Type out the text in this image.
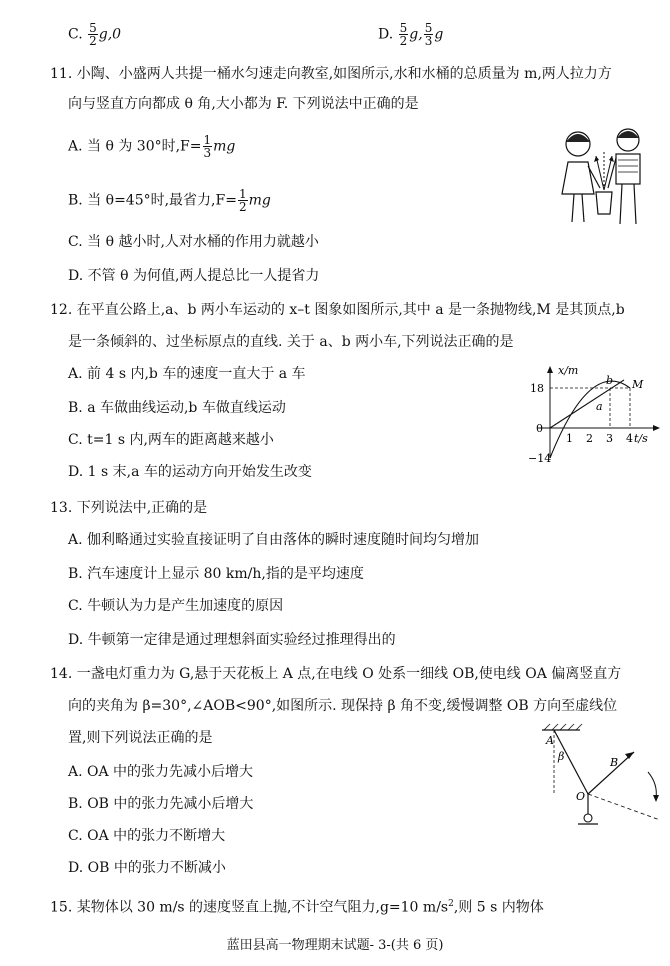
C. $\frac{5}{2} g,0$	D. $\frac{5}{2} g$, $\frac{5}{3}$ g
11. 小陶、小盛两人共提一桶水匀速走向教室,如图所示,水和水桶的总质量为 m,两人拉力方
向与竖直方向都成 θ 角,大小都为 F. 下列说法中正确的是
A. 当 θ 为 30°时$,F= \frac{1}{3}$ mg
B. 当 θ=45°时,最省力$,F= \frac{1}{2}$ mg
C. 当 θ 越小时,人对水桶的作用力就越小
D. 不管 θ 为何值,两人提总比一人提省力
12. 在平直公路上,a、b 两小车运动的 x–t 图象如图所示,其中 a 是一条抛物线,M 是其顶点,b
是一条倾斜的、过坐标原点的直线. 关于 a、b 两小车,下列说法正确的是
A. 前 4 s 内,b 车的速度一直大于 a 车
B. a 车做曲线运动,b 车做直线运动
C. t=1 s 内,两车的距离越来越小
D. 1 s 末,a 车的运动方向开始发生改变
x/m
18
0
−14
1 2 3 4 t/s
b
a
M
13. 下列说法中,正确的是
A. 伽利略通过实验直接证明了自由落体的瞬时速度随时间均匀增加
B. 汽车速度计上显示 80 km/h,指的是平均速度
C. 牛顿认为力是产生加速度的原因
D. 牛顿第一定律是通过理想斜面实验经过推理得出的
14. 一盏电灯重力为 G,悬于天花板上 A 点,在电线 O 处系一细线 OB,使电线 OA 偏离竖直方
向的夹角为 β=30°,∠AOB<90°,如图所示. 现保持 β 角不变,缓慢调整 OB 方向至虚线位
置,则下列说法正确的是
A. OA 中的张力先减小后增大
B. OB 中的张力先减小后增大
C. OA 中的张力不断增大
D. OB 中的张力不断减小
A
β	B
O
15. 某物体以 30 m/s 的速度竖直上抛,不计空气阻力,g=10 $m/s^2$,则 5 s 内物体
蓝田县高一物理期末试题- 3-(共 6 页)
